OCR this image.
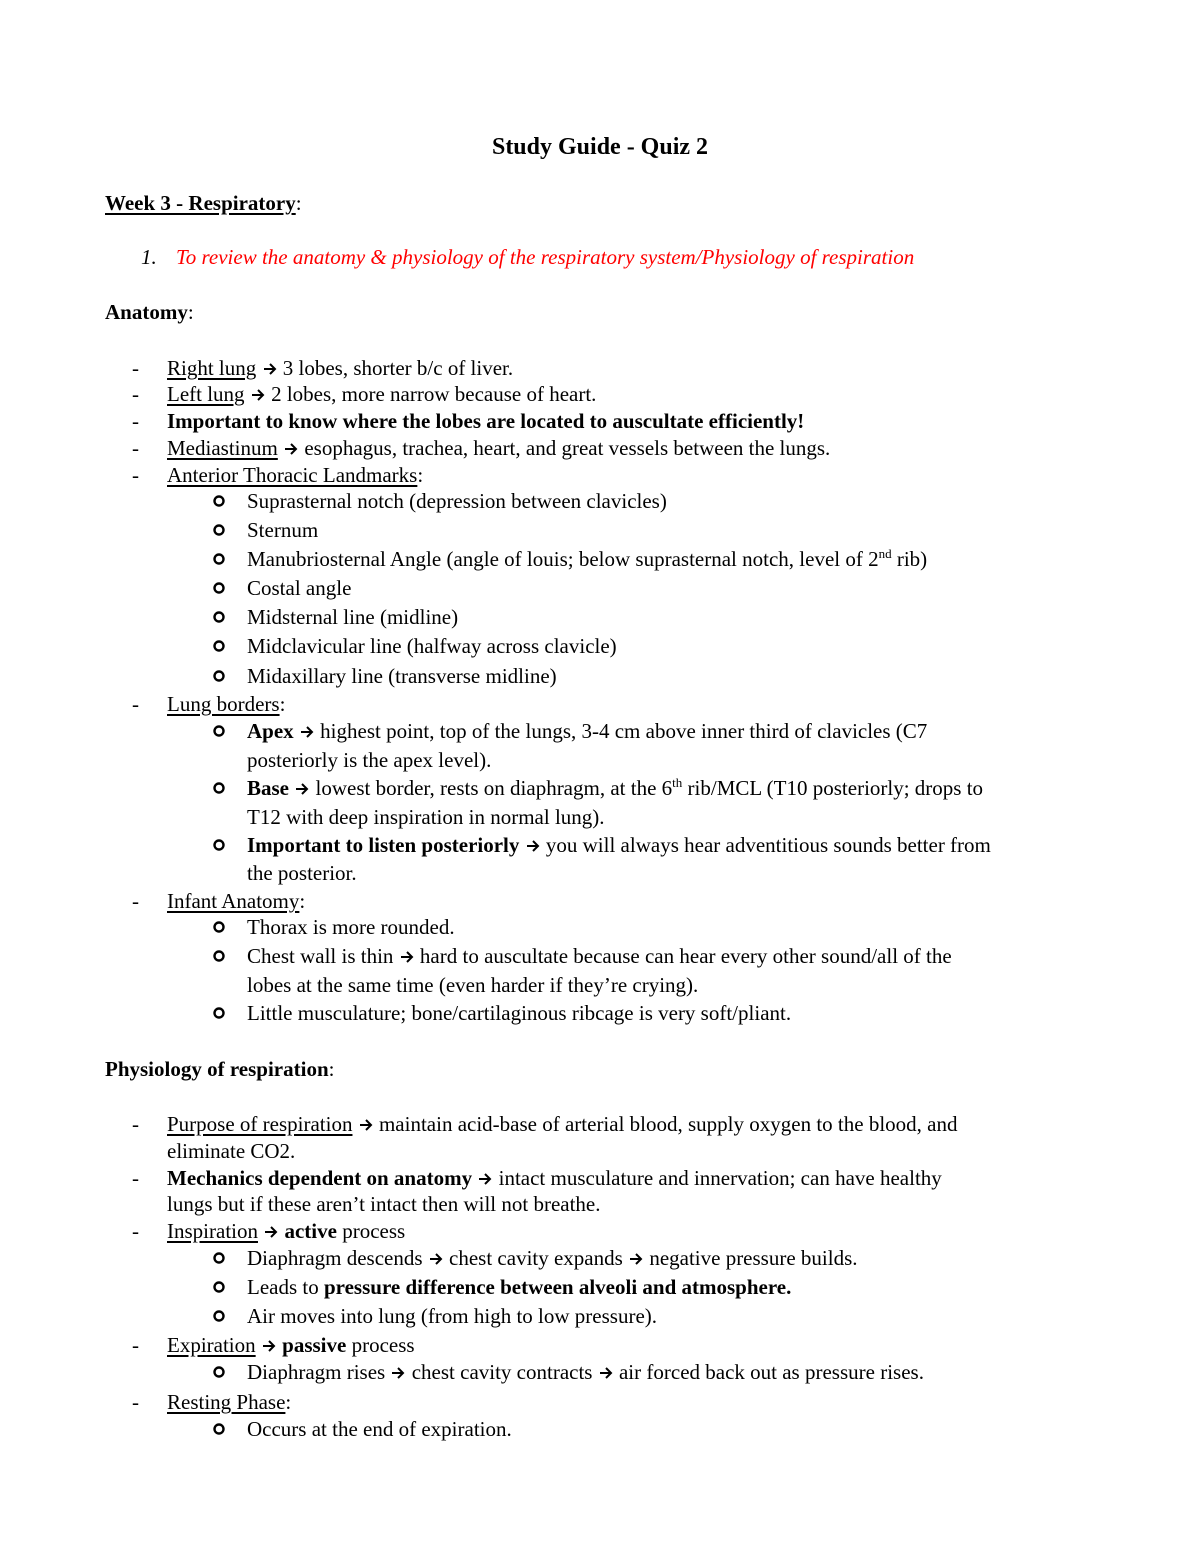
Study Guide - Quiz 2
Week 3 - Respiratory:
1. To review the anatomy & physiology of the respiratory system/Physiology of respiration
Anatomy:
- Right lung
3 lobes, shorter b/c of liver.
- Left lung
2 lobes, more narrow because of heart.
- Important to know where the lobes are located to auscultate efficiently!
- Mediastinum
esophagus, trachea, heart, and great vessels between the lungs.
- Anterior Thoracic Landmarks:
Suprasternal notch (depression between clavicles)
Sternum
Manubriosternal Angle (angle of louis; below suprasternal notch, level of 2nd rib)
Costal angle
Midsternal line (midline)
Midclavicular line (halfway across clavicle)
Midaxillary line (transverse midline)
- Lung borders:
Apex
highest point, top of the lungs, 3-4 cm above inner third of clavicles (C7
posteriorly is the apex level).
Base
lowest border, rests on diaphragm, at the 6th rib/MCL (T10 posteriorly; drops to
T12 with deep inspiration in normal lung).
Important to listen posteriorly
you will always hear adventitious sounds better from
the posterior.
- Infant Anatomy:
Thorax is more rounded.
Chest wall is thin
hard to auscultate because can hear every other sound/all of the
lobes at the same time (even harder if they’re crying).
Little musculature; bone/cartilaginous ribcage is very soft/pliant.
Physiology of respiration:
- Purpose of respiration
maintain acid-base of arterial blood, supply oxygen to the blood, and
eliminate CO2.
- Mechanics dependent on anatomy
intact musculature and innervation; can have healthy
lungs but if these aren’t intact then will not breathe.
- Inspiration active process
Diaphragm descends
chest cavity expands
negative pressure builds.
Leads to pressure difference between alveoli and atmosphere.
Air moves into lung (from high to low pressure).
- Expiration passive process
Diaphragm rises
chest cavity contracts
air forced back out as pressure rises.
- Resting Phase:
Occurs at the end of expiration.
